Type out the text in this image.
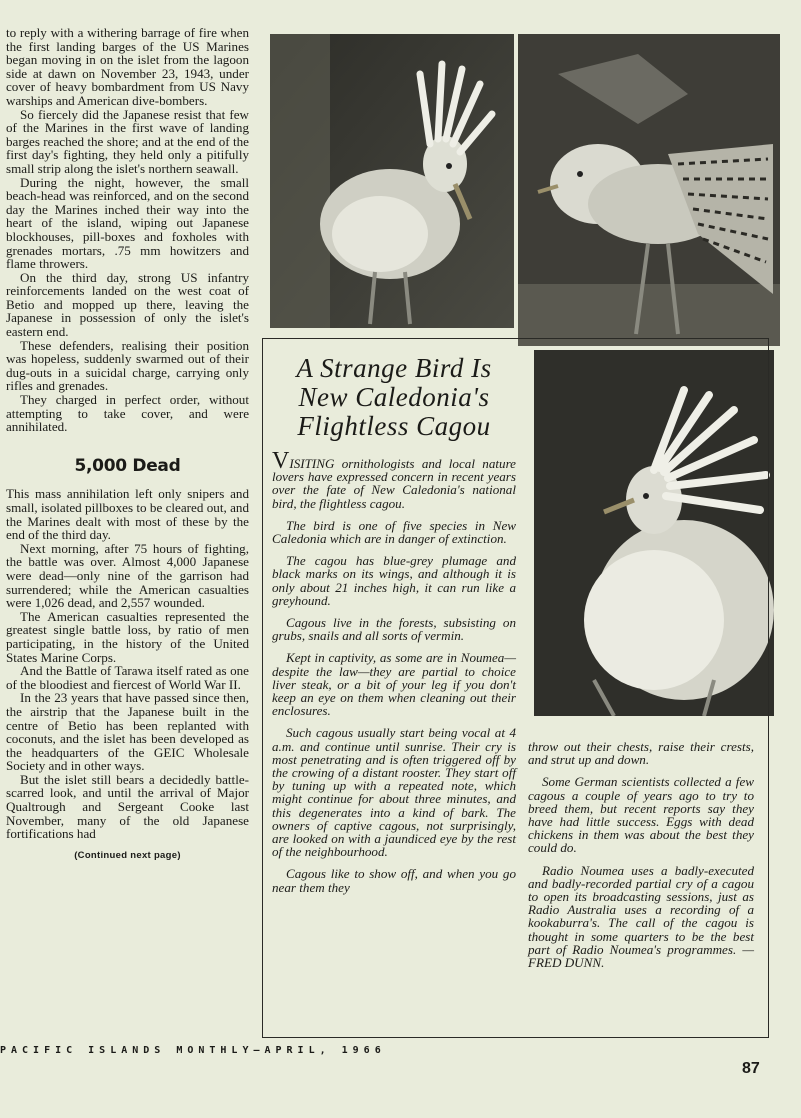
to reply with a withering barrage of fire when the first landing barges of the US Marines began moving in on the islet from the lagoon side at dawn on November 23, 1943, under cover of heavy bombardment from US Navy warships and American dive-bombers.

So fiercely did the Japanese resist that few of the Marines in the first wave of landing barges reached the shore; and at the end of the first day's fighting, they held only a pitifully small strip along the islet's northern seawall.

During the night, however, the small beach-head was reinforced, and on the second day the Marines inched their way into the heart of the island, wiping out Japanese blockhouses, pill-boxes and foxholes with grenades mortars, .75 mm howitzers and flame throwers.

On the third day, strong US infantry reinforcements landed on the west coat of Betio and mopped up there, leaving the Japanese in possession of only the islet's eastern end.

These defenders, realising their position was hopeless, suddenly swarmed out of their dug-outs in a suicidal charge, carrying only rifles and grenades.

They charged in perfect order, without attempting to take cover, and were annihilated.

5,000 Dead

This mass annihilation left only snipers and small, isolated pillboxes to be cleared out, and the Marines dealt with most of these by the end of the third day.

Next morning, after 75 hours of fighting, the battle was over. Almost 4,000 Japanese were dead—only nine of the garrison had surrendered; while the American casualties were 1,026 dead, and 2,557 wounded.

The American casualties represented the greatest single battle loss, by ratio of men participating, in the history of the United States Marine Corps.

And the Battle of Tarawa itself rated as one of the bloodiest and fiercest of World War II.

In the 23 years that have passed since then, the airstrip that the Japanese built in the centre of Betio has been replanted with coconuts, and the islet has been developed as the headquarters of the GEIC Wholesale Society and in other ways.

But the islet still bears a decidedly battle-scarred look, and until the arrival of Major Qualtrough and Sergeant Cooke last November, many of the old Japanese fortifications had

(Continued next page)
A Strange Bird Is New Caledonia's Flightless Cagou

VISITING ornithologists and local nature lovers have expressed concern in recent years over the fate of New Caledonia's national bird, the flightless cagou.

The bird is one of five species in New Caledonia which are in danger of extinction.

The cagou has blue-grey plumage and black marks on its wings, and although it is only about 21 inches high, it can run like a greyhound.

Cagous live in the forests, subsisting on grubs, snails and all sorts of vermin.

Kept in captivity, as some are in Noumea—despite the law—they are partial to choice liver steak, or a bit of your leg if you don't keep an eye on them when cleaning out their enclosures.

Such cagous usually start being vocal at 4 a.m. and continue until sunrise. Their cry is most penetrating and is often triggered off by the crowing of a distant rooster. They start off by tuning up with a repeated note, which might continue for about three minutes, and this degenerates into a kind of bark. The owners of captive cagous, not surprisingly, are looked on with a jaundiced eye by the rest of the neighbourhood.

Cagous like to show off, and when you go near them they

throw out their chests, raise their crests, and strut up and down.

Some German scientists collected a few cagous a couple of years ago to try to breed them, but recent reports say they have had little success. Eggs with dead chickens in them was about the best they could do.

Radio Noumea uses a badly-executed and badly-recorded partial cry of a cagou to open its broadcasting sessions, just as Radio Australia uses a recording of a kookaburra's. The call of the cagou is thought in some quarters to be the best part of Radio Noumea's programmes. — FRED DUNN.

PACIFIC ISLANDS MONTHLY—APRIL, 1966
87
